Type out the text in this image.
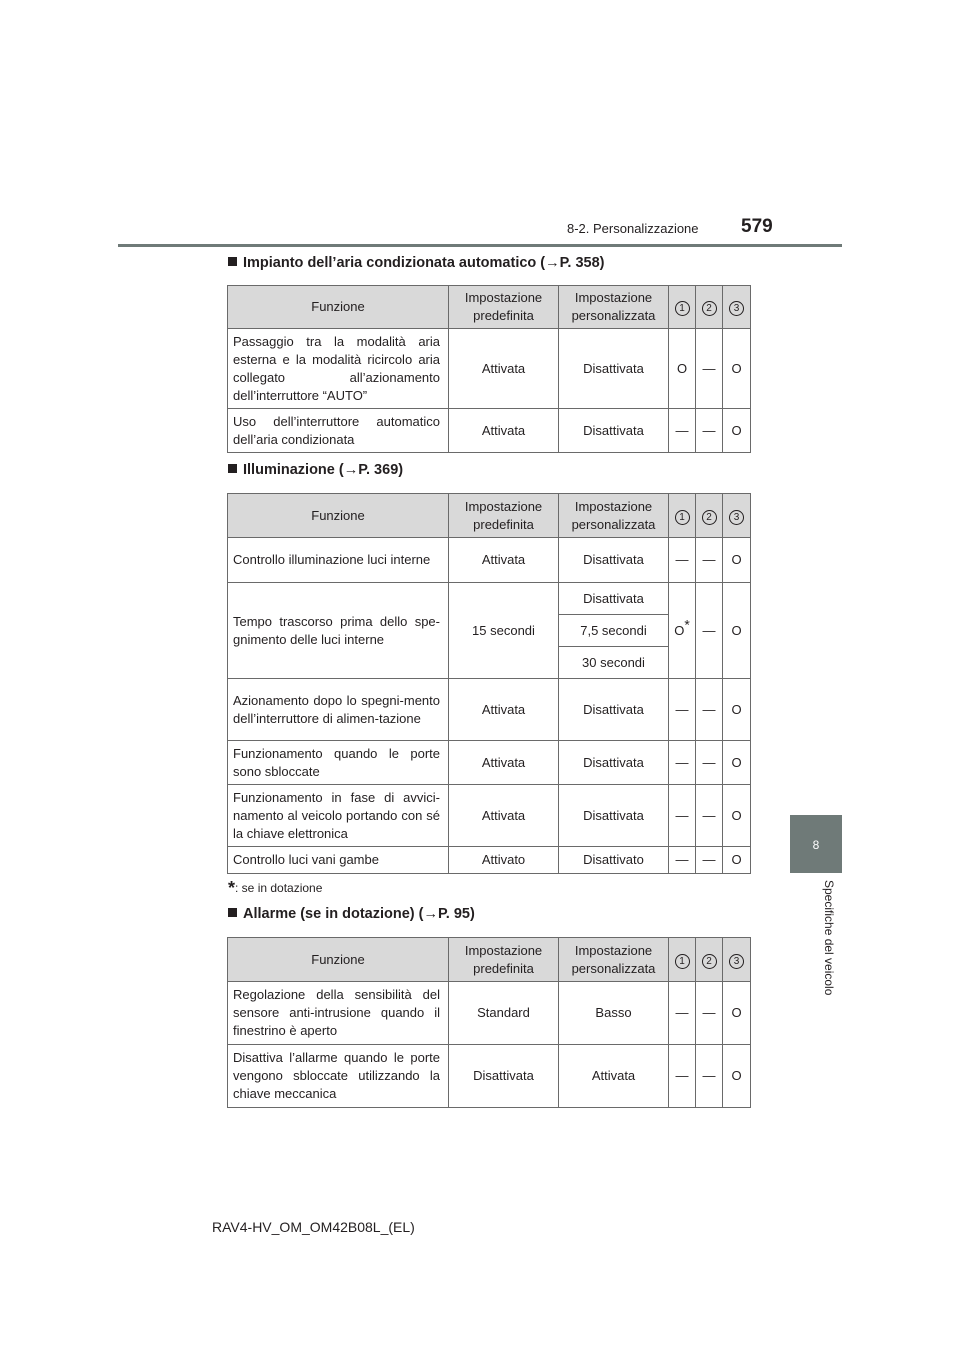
8-2. Personalizzazione 579
8
Specifiche del veicolo
Impianto dell’aria condizionata automatico (→P. 358)
Funzione	Impostazione predefinita	Impostazione personalizzata	1	2	3
Passaggio tra la modalità aria esterna e la modalità ricircolo aria collegato all’azionamento dell’interruttore “AUTO”	Attivata	Disattivata	O	—	O
Uso dell’interruttore automatico dell’aria condizionata	Attivata	Disattivata	—	—	O
Illuminazione (→P. 369)
Funzione	Impostazione predefinita	Impostazione personalizzata	1	2	3
Controllo illuminazione luci interne	Attivata	Disattivata	—	—	O
Tempo trascorso prima dello spe-gnimento delle luci interne	15 secondi	Disattivata	O*	—	O
		7,5 secondi			
		30 secondi			
Azionamento dopo lo spegni-mento dell’interruttore di alimen-tazione	Attivata	Disattivata	—	—	O
Funzionamento quando le porte sono sbloccate	Attivata	Disattivata	—	—	O
Funzionamento in fase di avvici-namento al veicolo portando con sé la chiave elettronica	Attivata	Disattivata	—	—	O
Controllo luci vani gambe	Attivato	Disattivato	—	—	O
*: se in dotazione
Allarme (se in dotazione) (→P. 95)
Funzione	Impostazione predefinita	Impostazione personalizzata	1	2	3
Regolazione della sensibilità del sensore anti-intrusione quando il finestrino è aperto	Standard	Basso	—	—	O
Disattiva l’allarme quando le porte vengono sbloccate utilizzando la chiave meccanica	Disattivata	Attivata	—	—	O
RAV4-HV_OM_OM42B08L_(EL)
